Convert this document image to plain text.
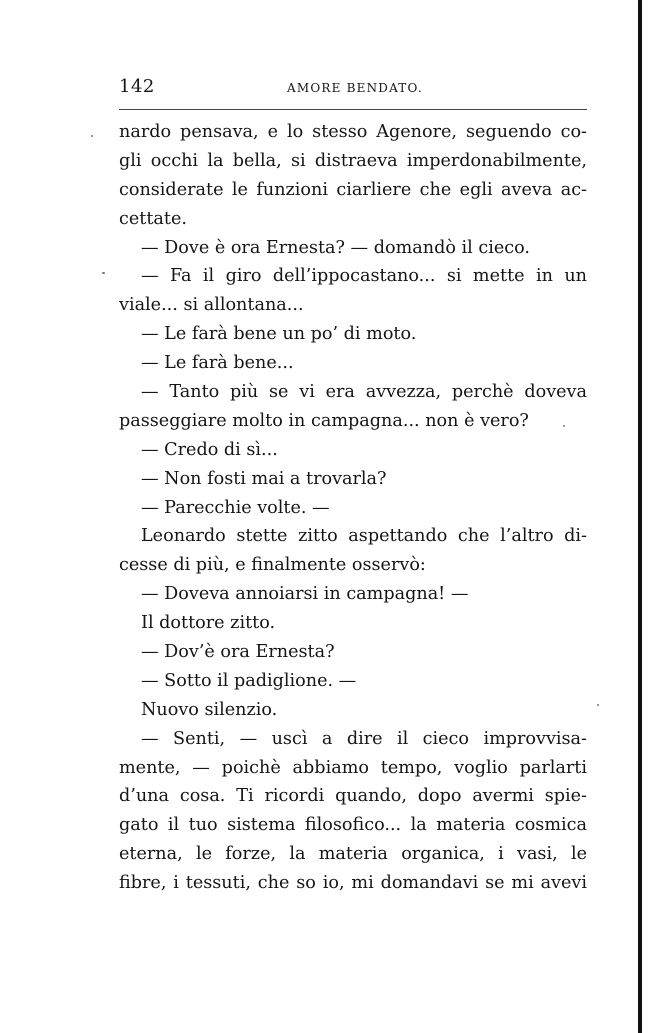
142	AMORE BENDATO.
nardo pensava, e lo stesso Agenore, seguendo co-
gli occhi la bella, si distraeva imperdonabilmente,
considerate le funzioni ciarliere che egli aveva ac-
cettate.
— Dove è ora Ernesta? — domandò il cieco.
— Fa il giro dell’ippocastano... si mette in un
viale... si allontana...
— Le farà bene un po’ di moto.
— Le farà bene...
— Tanto più se vi era avvezza, perchè doveva
passeggiare molto in campagna... non è vero?
— Credo di sì...
— Non fosti mai a trovarla?
— Parecchie volte. —
Leonardo stette zitto aspettando che l’altro di-
cesse di più, e finalmente osservò:
— Doveva annoiarsi in campagna! —
Il dottore zitto.
— Dov’è ora Ernesta?
— Sotto il padiglione. —
Nuovo silenzio.
— Senti, — uscì a dire il cieco improvvisa-
mente, — poichè abbiamo tempo, voglio parlarti
d’una cosa. Ti ricordi quando, dopo avermi spie-
gato il tuo sistema filosofico... la materia cosmica
eterna, le forze, la materia organica, i vasi, le
fibre, i tessuti, che so io, mi domandavi se mi avevi
